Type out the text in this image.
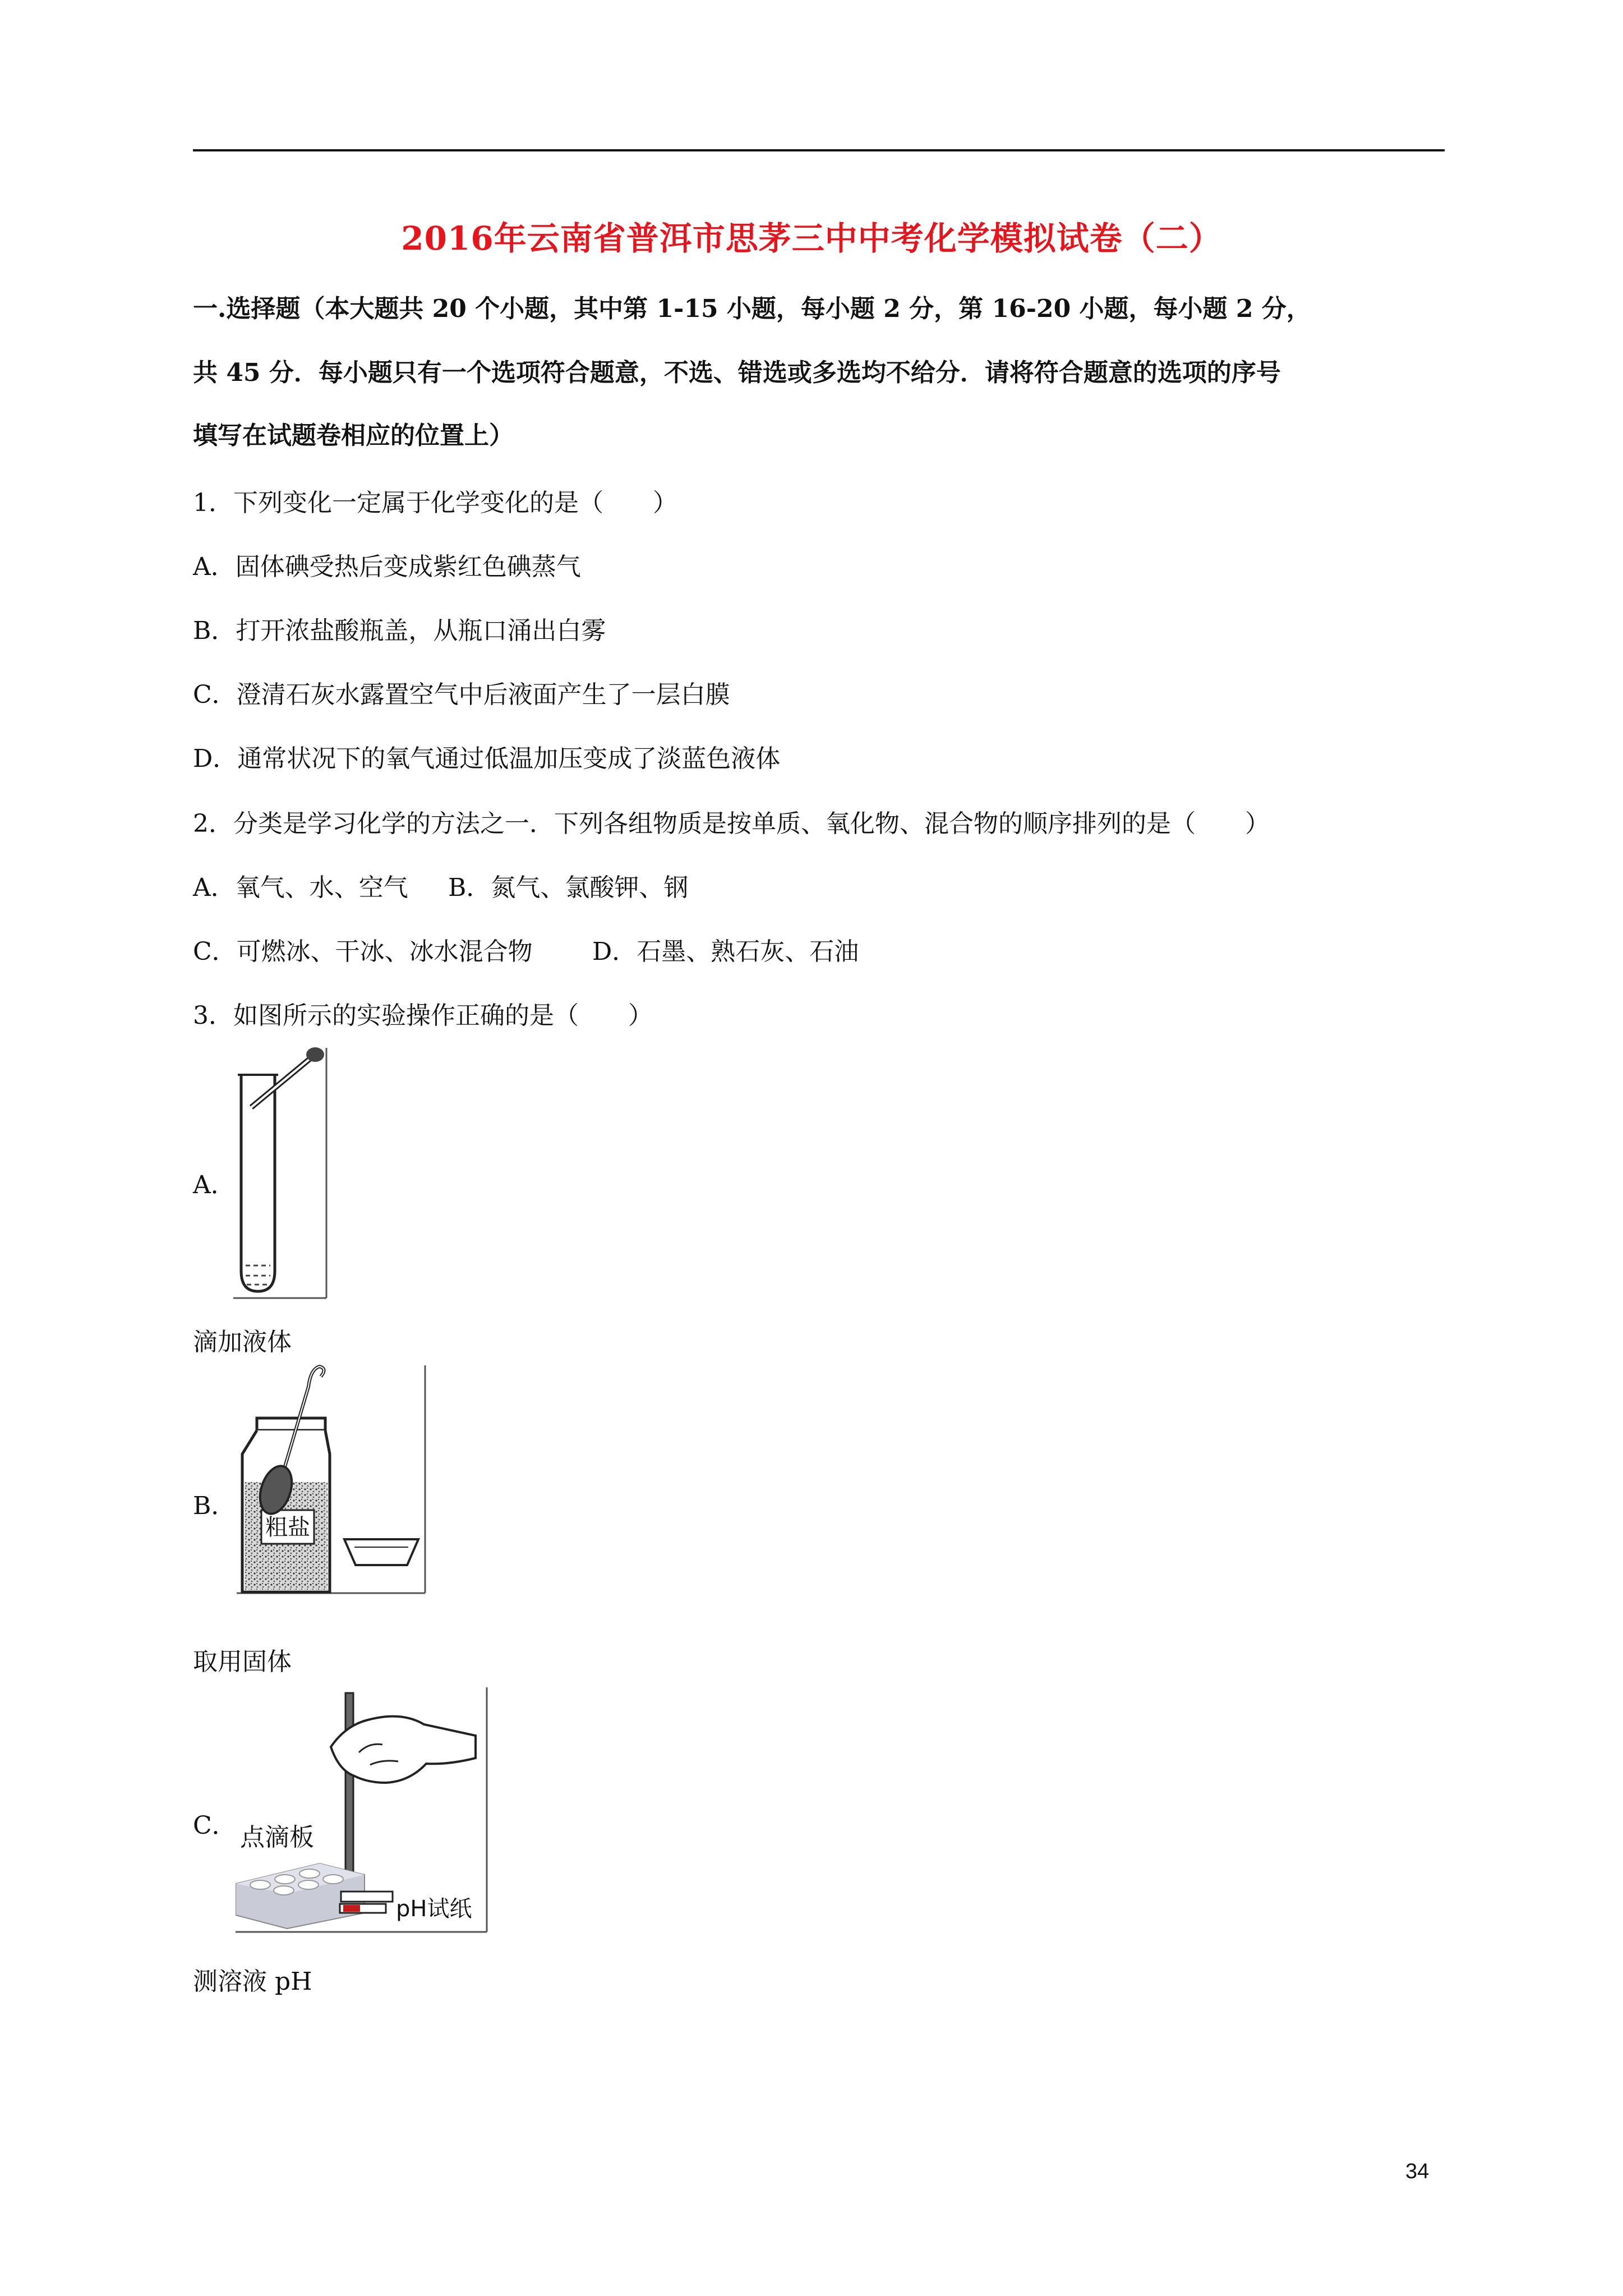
2016年云南省普洱市思茅三中中考化学模拟试卷（二）
一.选择题（本大题共 20 个小题，其中第 1-15 小题，每小题 2 分，第 16-20 小题，每小题 2 分，
共 45 分．每小题只有一个选项符合题意，不选、错选或多选均不给分．请将符合题意的选项的序号
填写在试题卷相应的位置上）
1．下列变化一定属于化学变化的是（　　）
A．固体碘受热后变成紫红色碘蒸气
B．打开浓盐酸瓶盖，从瓶口涌出白雾
C．澄清石灰水露置空气中后液面产生了一层白膜
D．通常状况下的氧气通过低温加压变成了淡蓝色液体
2．分类是学习化学的方法之一．下列各组物质是按单质、氧化物、混合物的顺序排列的是（　　）
A．氧气、水、空气 B．氮气、氯酸钾、钢
C．可燃冰、干冰、冰水混合物 D．石墨、熟石灰、石油
3．如图所示的实验操作正确的是（　　）
A．
滴加液体
B．
粗盐
取用固体
C． 点滴板
pH试纸
测溶液 pH
34
